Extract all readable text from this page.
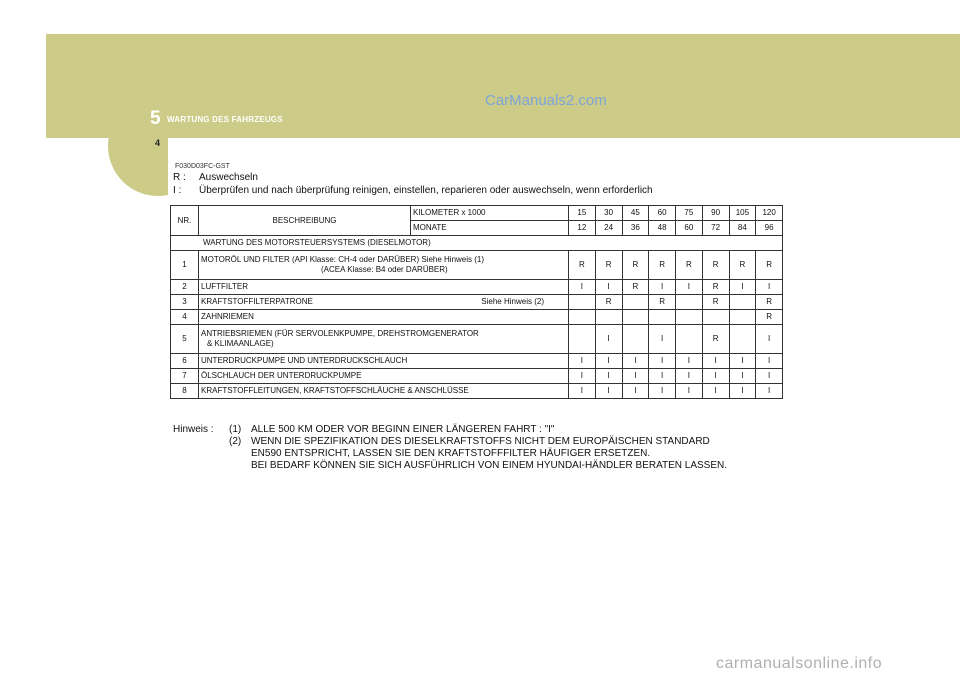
5 WARTUNG DES FAHRZEUGS
4
CarManuals2.com
carmanualsonline.info
F030D03FC-GST
R : Auswechseln
I : Überprüfen und nach überprüfung reinigen, einstellen, reparieren oder auswechseln, wenn erforderlich
NR.	BESCHREIBUNG	KILOMETER x 1000	15	30	45	60	75	90	105	120
		MONATE	12	24	36	48	60	72	84	96
WARTUNG DES MOTORSTEUERSYSTEMS (DIESELMOTOR)										
1	MOTORÖL UND FILTER (API Klasse: CH-4 oder DARÜBER) Siehe Hinweis (1)
(ACEA Klasse: B4 oder DARÜBER)		R	R	R	R	R	R	R	R
2	LUFTFILTER		I	I	R	I	I	R	I	I
3	KRAFTSTOFFILTERPATRONE Siehe Hinweis (2)			R		R		R		R
4	ZAHNRIEMEN									R
5	ANTRIEBSRIEMEN (FÜR SERVOLENKPUMPE, DREHSTROMGENERATOR
& KLIMAANLAGE)			I		I		R		I
6	UNTERDRUCKPUMPE UND UNTERDRUCKSCHLAUCH		I	I	I	I	I	I	I	I
7	ÖLSCHLAUCH DER UNTERDRUCKPUMPE		I	I	I	I	I	I	I	I
8	KRAFTSTOFFLEITUNGEN, KRAFTSTOFFSCHLÄUCHE & ANSCHLÜSSE		I	I	I	I	I	I	I	I
Hinweis :	(1) ALLE 500 KM ODER VOR BEGINN EINER LÄNGEREN FAHRT : "I"
(2) WENN DIE SPEZIFIKATION DES DIESELKRAFTSTOFFS NICHT DEM EUROPÄISCHEN STANDARD
EN590 ENTSPRICHT, LASSEN SIE DEN KRAFTSTOFFFILTER HÄUFIGER ERSETZEN.
BEI BEDARF KÖNNEN SIE SICH AUSFÜHRLICH VON EINEM HYUNDAI-HÄNDLER BERATEN LASSEN.
